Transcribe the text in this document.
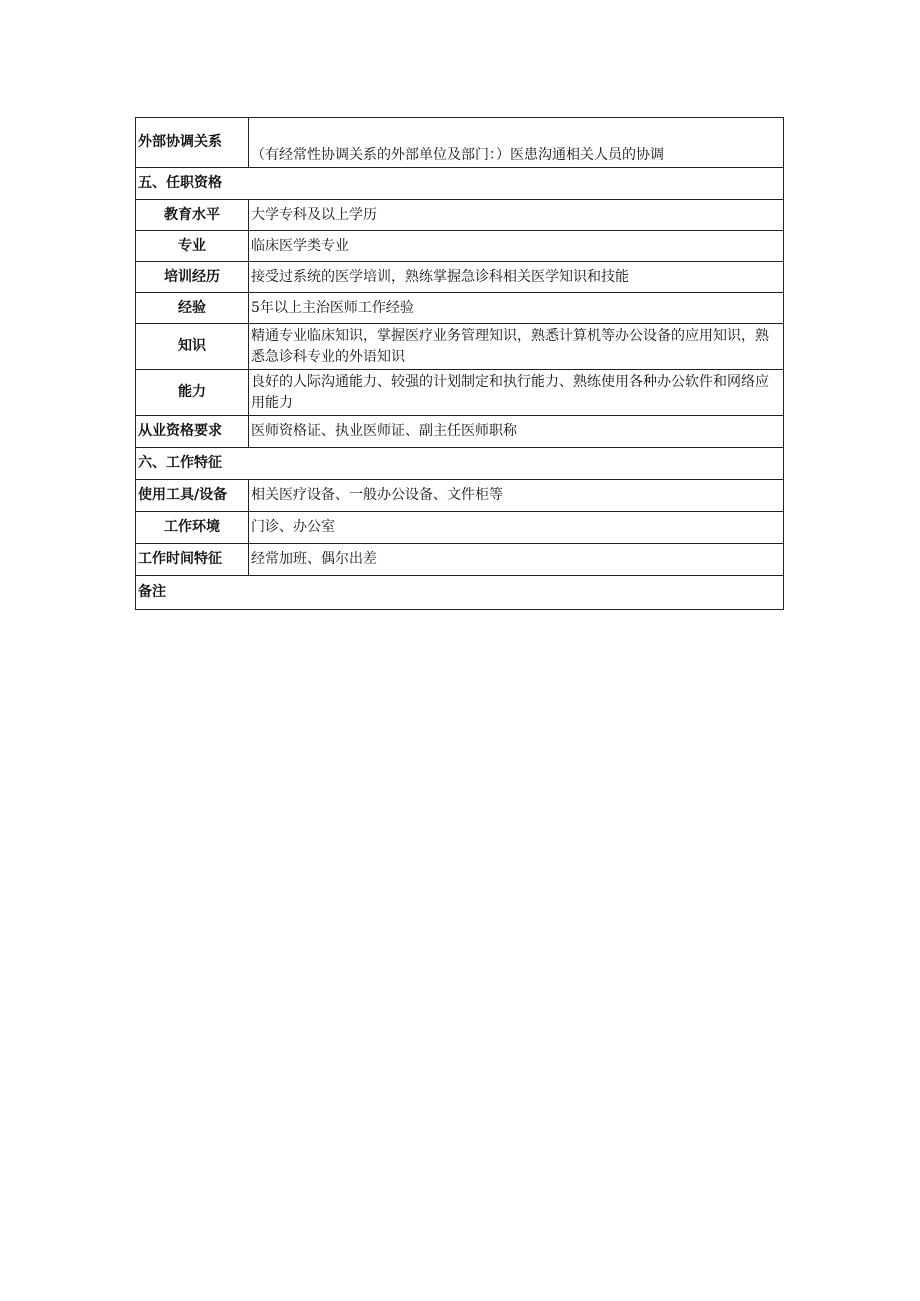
外部协调关系	（有经常性协调关系的外部单位及部门：）医患沟通相关人员的协调
五、任职资格	
教育水平	大学专科及以上学历
专业	临床医学类专业
培训经历	接受过系统的医学培训，熟练掌握急诊科相关医学知识和技能
经验	5年以上主治医师工作经验
知识	精通专业临床知识，掌握医疗业务管理知识，熟悉计算机等办公设备的应用知识，熟悉急诊科专业的外语知识
能力	良好的人际沟通能力、较强的计划制定和执行能力、熟练使用各种办公软件和网络应用能力
从业资格要求	医师资格证、执业医师证、副主任医师职称
六、工作特征	
使用工具/设备	相关医疗设备、一般办公设备、文件柜等
工作环境	门诊、办公室
工作时间特征	经常加班、偶尔出差
备注	
